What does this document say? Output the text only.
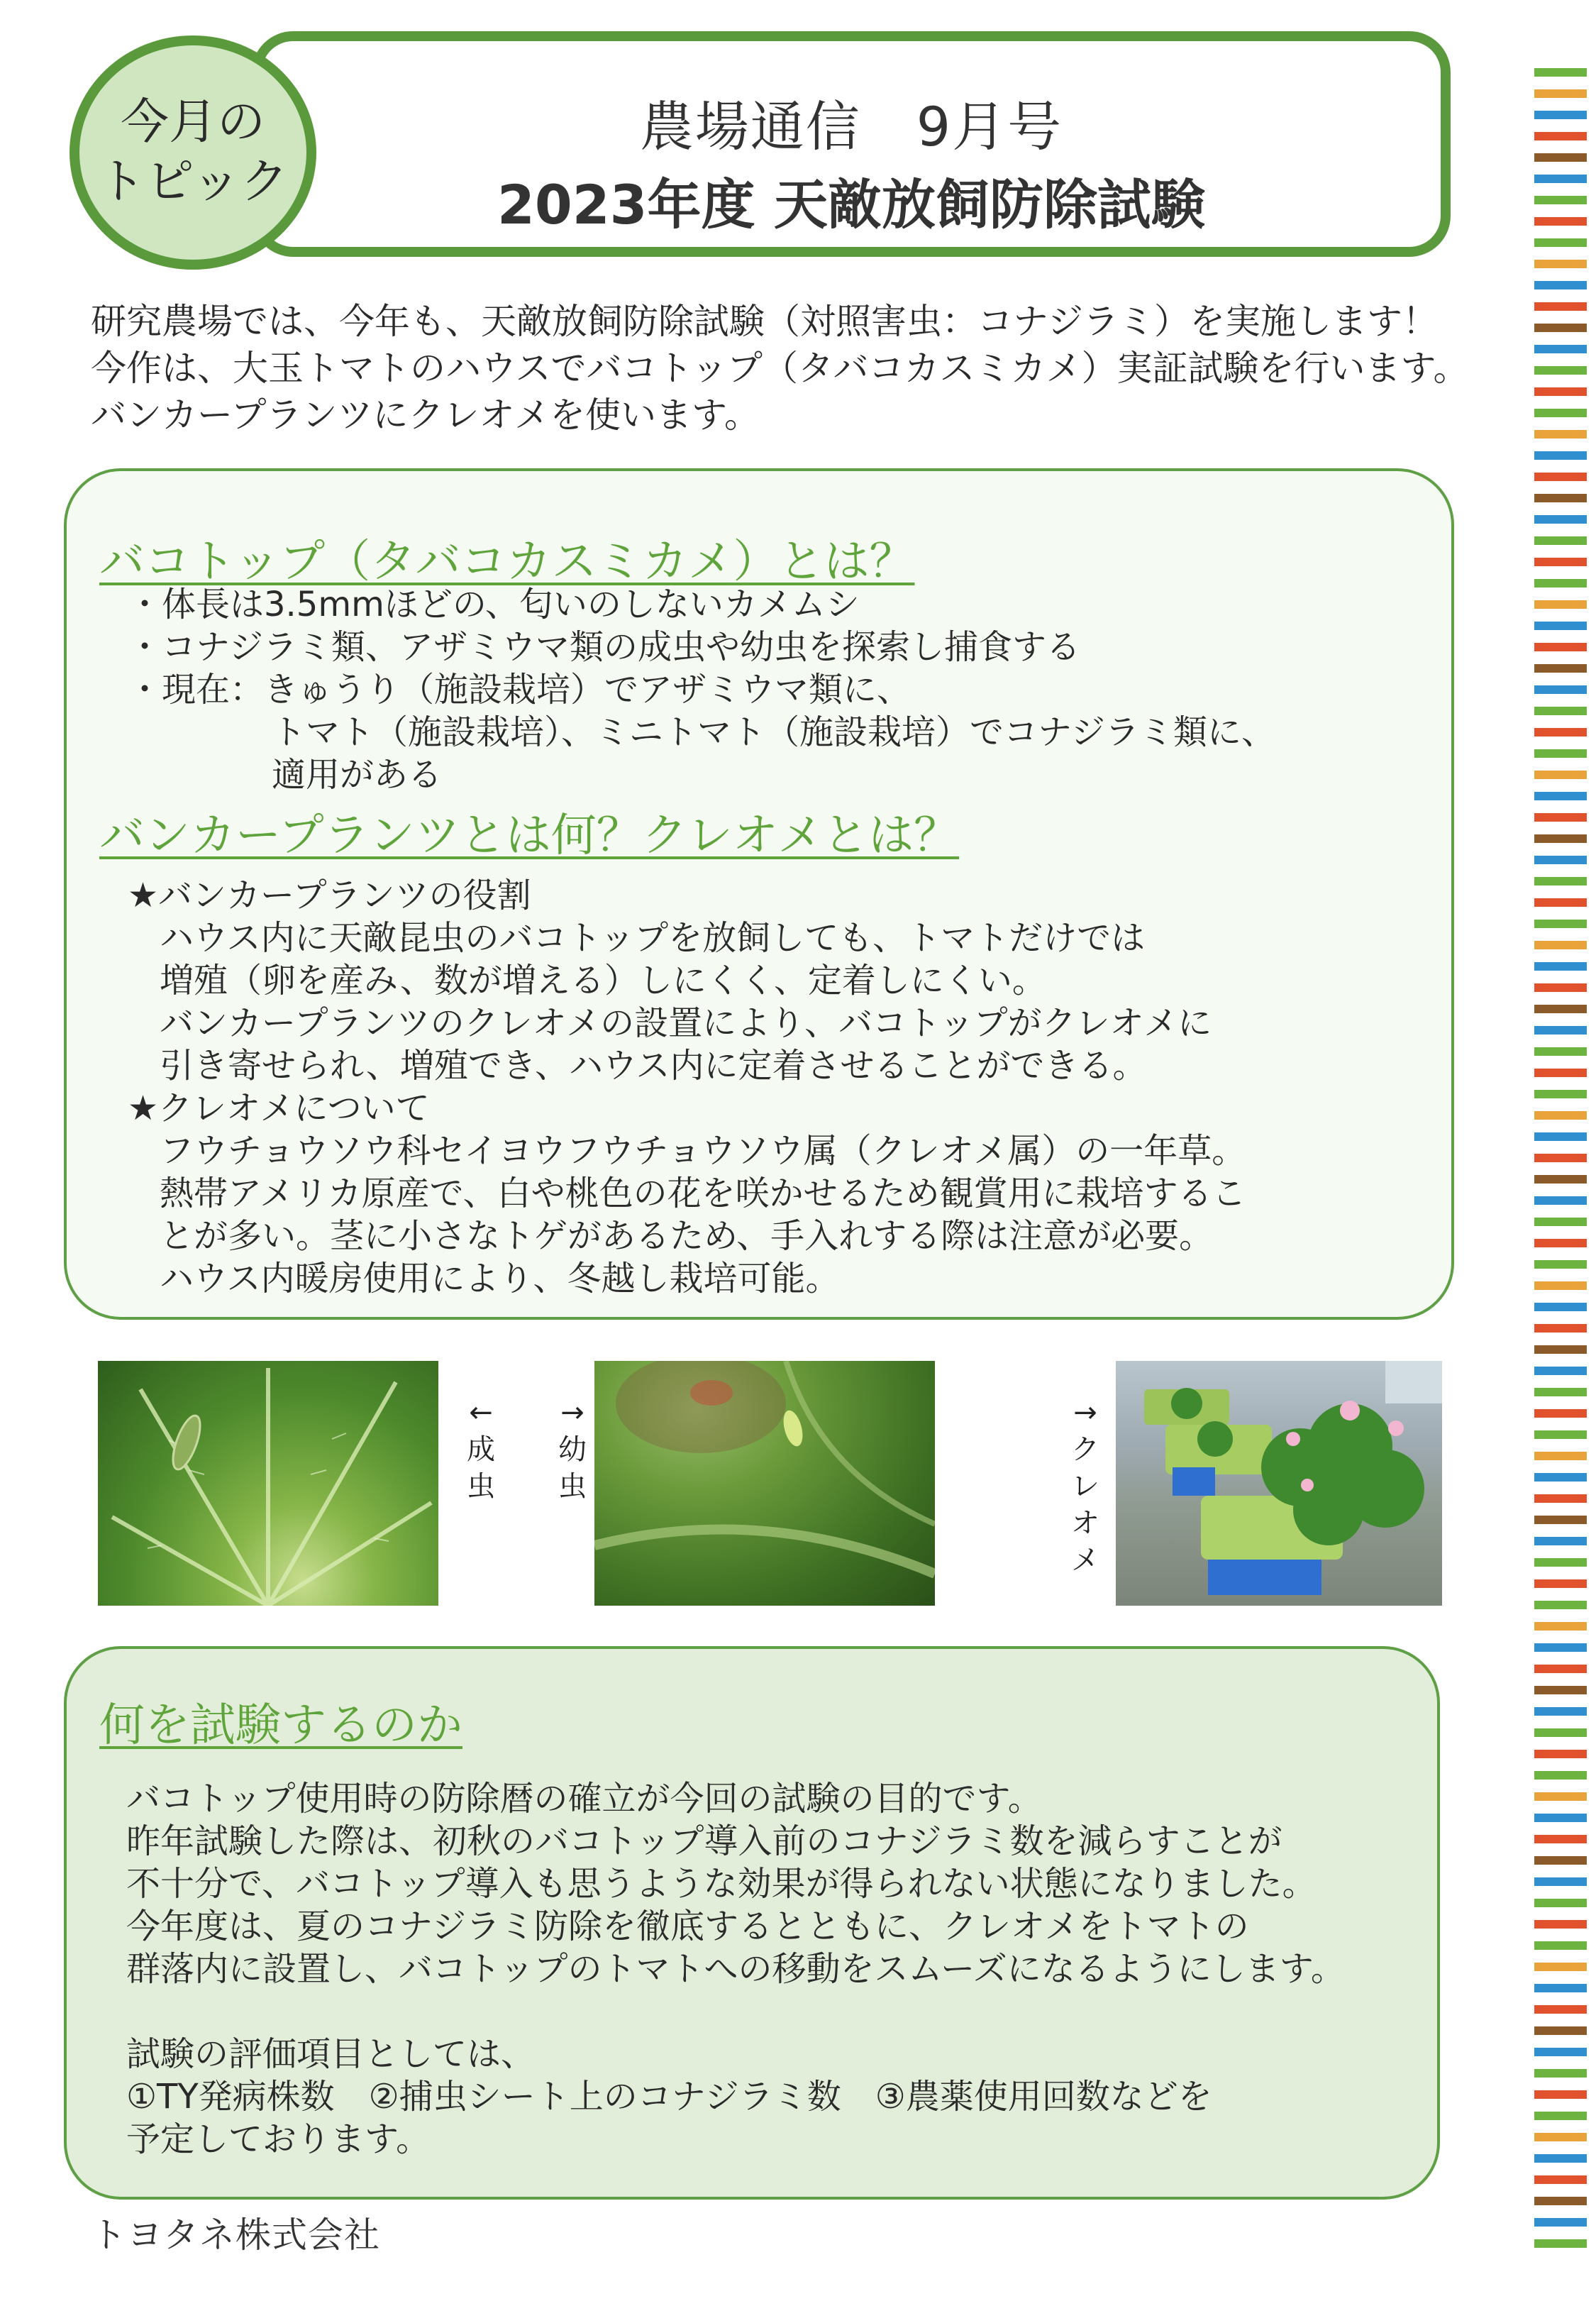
農場通信　9月号
2023年度 天敵放飼防除試験
今月の
トピック
研究農場では、今年も、天敵放飼防除試験（対照害虫：コナジラミ）を実施します！
今作は、大玉トマトのハウスでバコトップ（タバコカスミカメ）実証試験を行います。
バンカープランツにクレオメを使います。
バコトップ（タバコカスミカメ）とは？
・体長は3.5mmほどの、匂いのしないカメムシ
・コナジラミ類、アザミウマ類の成虫や幼虫を探索し捕食する
・現在：きゅうり（施設栽培）でアザミウマ類に、
トマト（施設栽培）、ミニトマト（施設栽培）でコナジラミ類に、
適用がある
バンカープランツとは何？クレオメとは？
★バンカープランツの役割
ハウス内に天敵昆虫のバコトップを放飼しても、トマトだけでは
増殖（卵を産み、数が増える）しにくく、定着しにくい。
バンカープランツのクレオメの設置により、バコトップがクレオメに
引き寄せられ、増殖でき、ハウス内に定着させることができる。
★クレオメについて
フウチョウソウ科セイヨウフウチョウソウ属（クレオメ属）の一年草。
熱帯アメリカ原産で、白や桃色の花を咲かせるため観賞用に栽培するこ
とが多い。茎に小さなトゲがあるため、手入れする際は注意が必要。
ハウス内暖房使用により、冬越し栽培可能。
←
成
虫
→
幼
虫
→
ク
レ
オ
メ
何を試験するのか
バコトップ使用時の防除暦の確立が今回の試験の目的です。
昨年試験した際は、初秋のバコトップ導入前のコナジラミ数を減らすことが
不十分で、バコトップ導入も思うような効果が得られない状態になりました。
今年度は、夏のコナジラミ防除を徹底するとともに、クレオメをトマトの
群落内に設置し、バコトップのトマトへの移動をスムーズになるようにします。
試験の評価項目としては、
①TY発病株数　②捕虫シート上のコナジラミ数　③農薬使用回数などを
予定しております。
トヨタネ株式会社
